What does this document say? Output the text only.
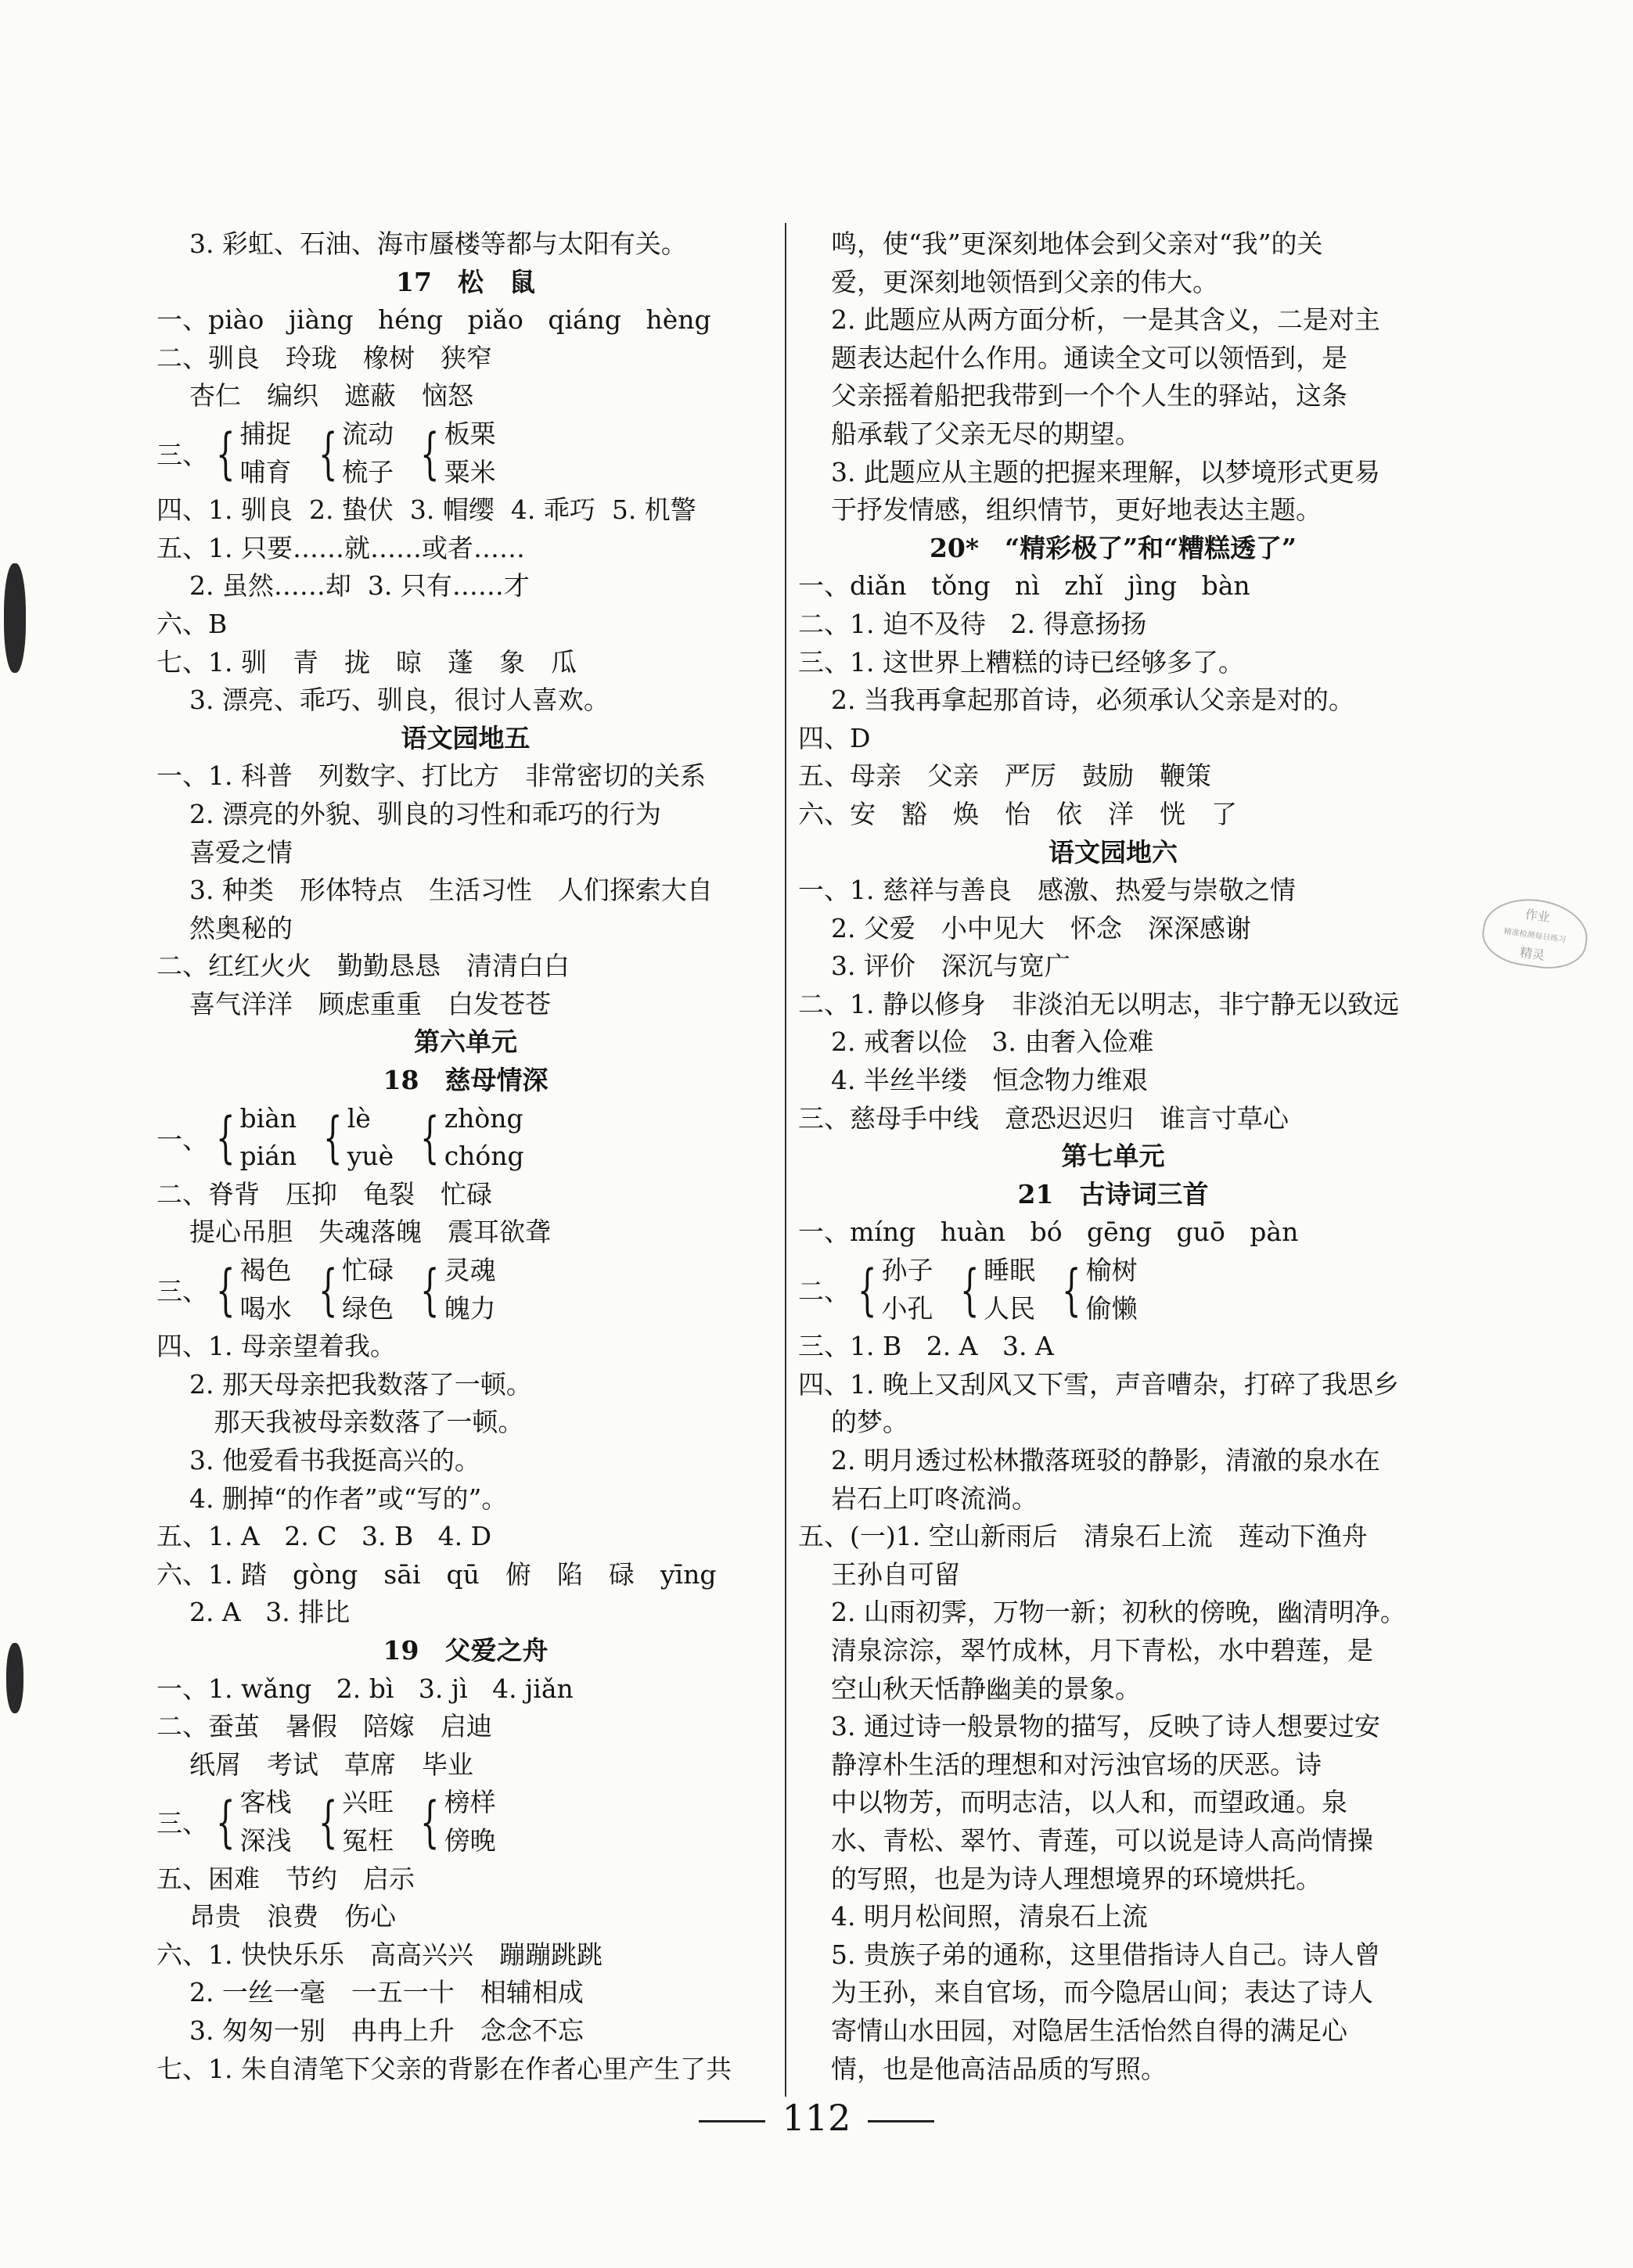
3. 彩虹、石油、海市蜃楼等都与太阳有关。
17　松　鼠
一、piào   jiàng   héng   piǎo   qiáng   hèng
二、驯良　玲珑　橡树　狭窄
杏仁　编织　遮蔽　恼怒
三、 { 捕捉
哺育 { 流动
梳子 { 板栗
粟米
四、1. 驯良  2. 蛰伏  3. 帽缨  4. 乖巧  5. 机警
五、1. 只要……就……或者……
2. 虽然……却  3. 只有……才
六、B
七、1. 驯　青　拢　晾　蓬　象　瓜
3. 漂亮、乖巧、驯良，很讨人喜欢。
语文园地五
一、1. 科普　列数字、打比方　非常密切的关系
2. 漂亮的外貌、驯良的习性和乖巧的行为
喜爱之情
3. 种类　形体特点　生活习性　人们探索大自
然奥秘的
二、红红火火　勤勤恳恳　清清白白
喜气洋洋　顾虑重重　白发苍苍
第六单元
18　慈母情深
一、 { biàn
pián { lè
yuè { zhòng
chóng
二、脊背　压抑　龟裂　忙碌
提心吊胆　失魂落魄　震耳欲聋
三、 { 褐色
喝水 { 忙碌
绿色 { 灵魂
魄力
四、1. 母亲望着我。
2. 那天母亲把我数落了一顿。
那天我被母亲数落了一顿。
3. 他爱看书我挺高兴的。
4. 删掉“的作者”或“写的”。
五、1. A   2. C   3. B   4. D
六、1. 踏　gòng　sāi　qū　俯　陷　碌　yīng
2. A   3. 排比
19　父爱之舟
一、1. wǎng   2. bì   3. jì   4. jiǎn
二、蚕茧　暑假　陪嫁　启迪
纸屑　考试　草席　毕业
三、 { 客栈
深浅 { 兴旺
冤枉 { 榜样
傍晚
五、困难　节约　启示
昂贵　浪费　伤心
六、1. 快快乐乐　高高兴兴　蹦蹦跳跳
2. 一丝一毫　一五一十　相辅相成
3. 匆匆一别　冉冉上升　念念不忘
七、1. 朱自清笔下父亲的背影在作者心里产生了共
鸣，使“我”更深刻地体会到父亲对“我”的关
爱，更深刻地领悟到父亲的伟大。
2. 此题应从两方面分析，一是其含义，二是对主
题表达起什么作用。通读全文可以领悟到，是
父亲摇着船把我带到一个个人生的驿站，这条
船承载了父亲无尽的期望。
3. 此题应从主题的把握来理解，以梦境形式更易
于抒发情感，组织情节，更好地表达主题。
20*　“精彩极了”和“糟糕透了”
一、diǎn   tǒng   nì   zhǐ   jìng   bàn
二、1. 迫不及待   2. 得意扬扬
三、1. 这世界上糟糕的诗已经够多了。
2. 当我再拿起那首诗，必须承认父亲是对的。
四、D
五、母亲　父亲　严厉　鼓励　鞭策
六、安　豁　焕　怡　依　洋　恍　了
语文园地六
一、1. 慈祥与善良　感激、热爱与崇敬之情
2. 父爱　小中见大　怀念　深深感谢
3. 评价　深沉与宽广
二、1. 静以修身　非淡泊无以明志，非宁静无以致远
2. 戒奢以俭   3. 由奢入俭难
4. 半丝半缕　恒念物力维艰
三、慈母手中线　意恐迟迟归　谁言寸草心
第七单元
21　古诗词三首
一、míng   huàn   bó   gēng   guō   pàn
二、 { 孙子
小孔 { 睡眠
人民 { 榆树
偷懒
三、1. B   2. A   3. A
四、1. 晚上又刮风又下雪，声音嘈杂，打碎了我思乡
的梦。
2. 明月透过松林撒落斑驳的静影，清澈的泉水在
岩石上叮咚流淌。
五、(一)1. 空山新雨后　清泉石上流　莲动下渔舟
王孙自可留
2. 山雨初霁，万物一新；初秋的傍晚，幽清明净。
清泉淙淙，翠竹成林，月下青松，水中碧莲，是
空山秋天恬静幽美的景象。
3. 通过诗一般景物的描写，反映了诗人想要过安
静淳朴生活的理想和对污浊官场的厌恶。诗
中以物芳，而明志洁，以人和，而望政通。泉
水、青松、翠竹、青莲，可以说是诗人高尚情操
的写照，也是为诗人理想境界的环境烘托。
4. 明月松间照，清泉石上流
5. 贵族子弟的通称，这里借指诗人自己。诗人曾
为王孙，来自官场，而今隐居山间；表达了诗人
寄情山水田园，对隐居生活怡然自得的满足心
情，也是他高洁品质的写照。
112
作业
精准检测每日练习
精灵
